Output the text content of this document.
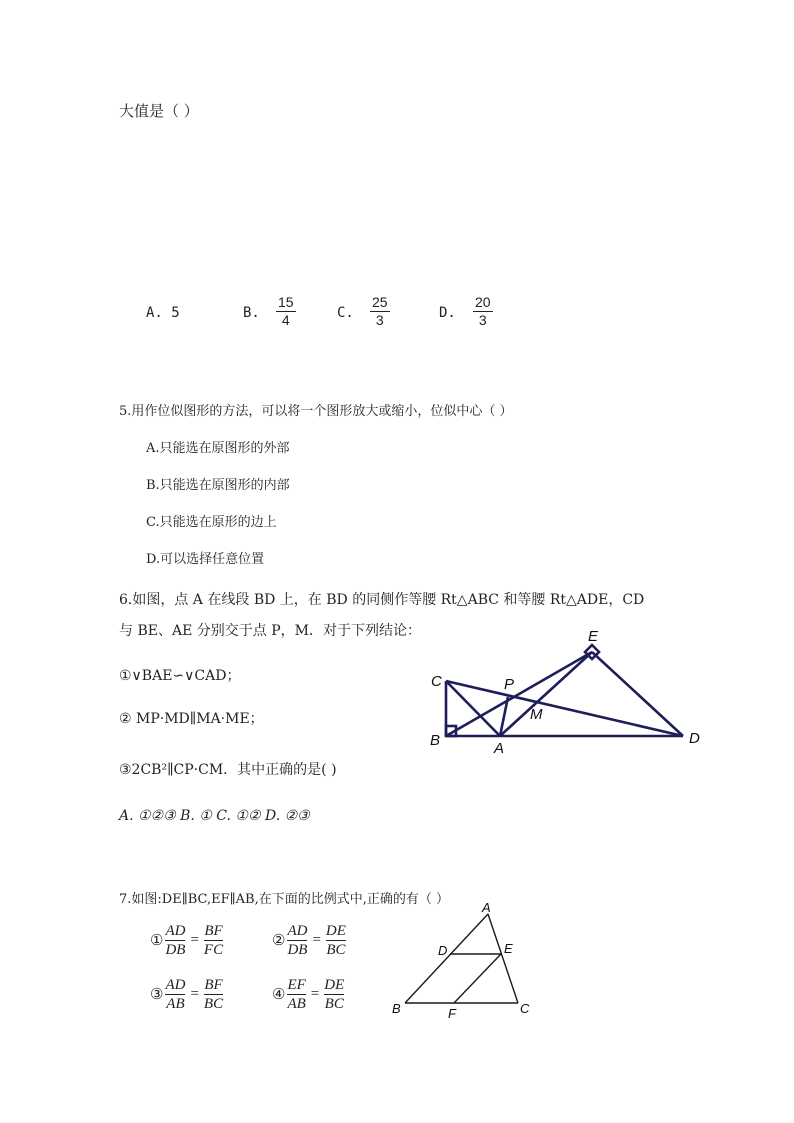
大值是（ ）
A. 5	B.
15
4	C.
25
3	D.
20
3
5.用作位似图形的方法，可以将一个图形放大或缩小，位似中心（ ）
A.只能选在原图形的外部
B.只能选在原图形的内部
C.只能选在原形的边上
D.可以选择任意位置
6.如图，点 A 在线段 BD 上，在 BD 的同侧作等腰 Rt△ABC 和等腰 Rt△ADE，CD
与 BE、AE 分别交于点 P，M．对于下列结论：
①∨BAE∽∨CAD；
② MP·MD∥MA·ME；
③2CB²∥CP·CM．其中正确的是( )
A. ①②③ B. ① C. ①② D. ②③
C	P
E
M
B	A
D
A
D	E
B	F	C
7.如图:DE∥BC,EF∥AB,在下面的比例式中,正确的有（ ）
①
AD
DB
=
BF
FC
②
AD
DB
=
DE
BC
③
AD
AB
=
BF
BC
④
EF
AB
=
DE
BC
